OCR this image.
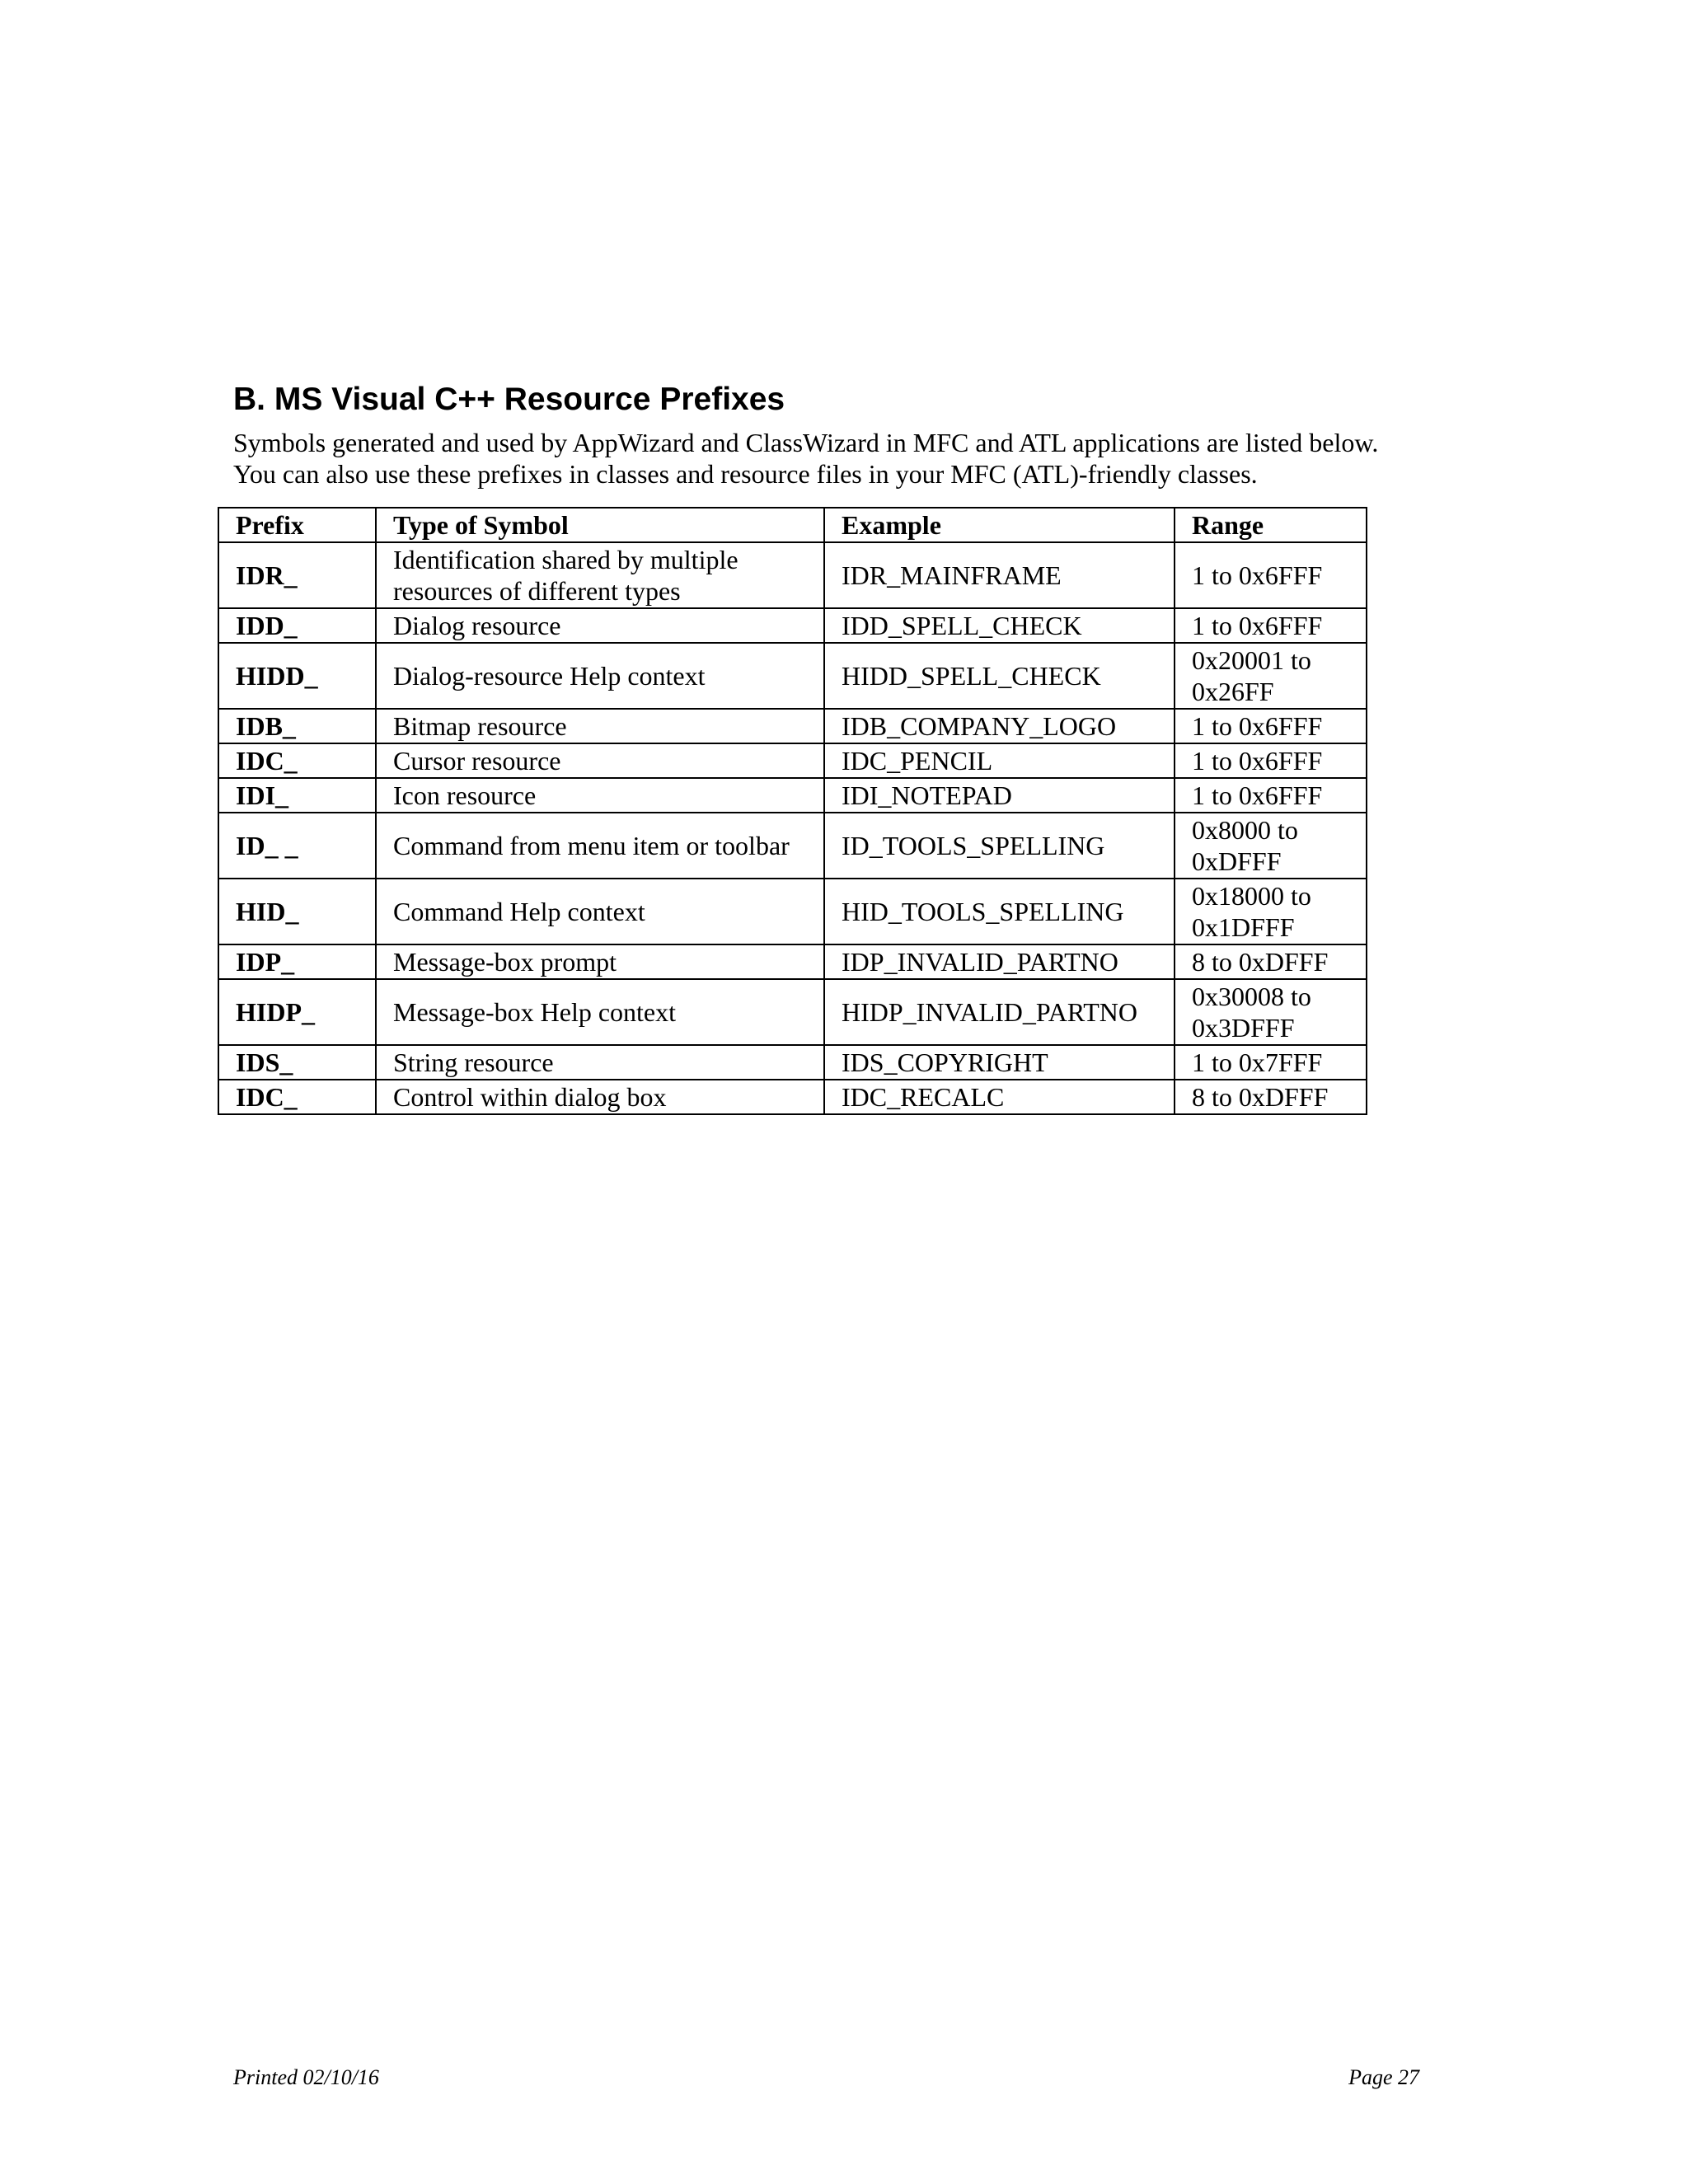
B. MS Visual C++ Resource Prefixes

Symbols generated and used by AppWizard and ClassWizard in MFC and ATL applications are listed below.

You can also use these prefixes in classes and resource files in your MFC (ATL)-friendly classes.

Prefix	Type of Symbol	Example	Range
IDR_	Identification shared by multiple resources of different types	IDR_MAINFRAME	1 to 0x6FFF
IDD_	Dialog resource	IDD_SPELL_CHECK	1 to 0x6FFF
HIDD_	Dialog-resource Help context	HIDD_SPELL_CHECK	0x20001 to 0x26FF
IDB_	Bitmap resource	IDB_COMPANY_LOGO	1 to 0x6FFF
IDC_	Cursor resource	IDC_PENCIL	1 to 0x6FFF
IDI_	Icon resource	IDI_NOTEPAD	1 to 0x6FFF
ID_ _	Command from menu item or toolbar	ID_TOOLS_SPELLING	0x8000 to 0xDFFF
HID_	Command Help context	HID_TOOLS_SPELLING	0x18000 to 0x1DFFF
IDP_	Message-box prompt	IDP_INVALID_PARTNO	8 to 0xDFFF
HIDP_	Message-box Help context	HIDP_INVALID_PARTNO	0x30008 to 0x3DFFF
IDS_	String resource	IDS_COPYRIGHT	1 to 0x7FFF
IDC_	Control within dialog box	IDC_RECALC	8 to 0xDFFF
Printed 02/10/16	Page 27
